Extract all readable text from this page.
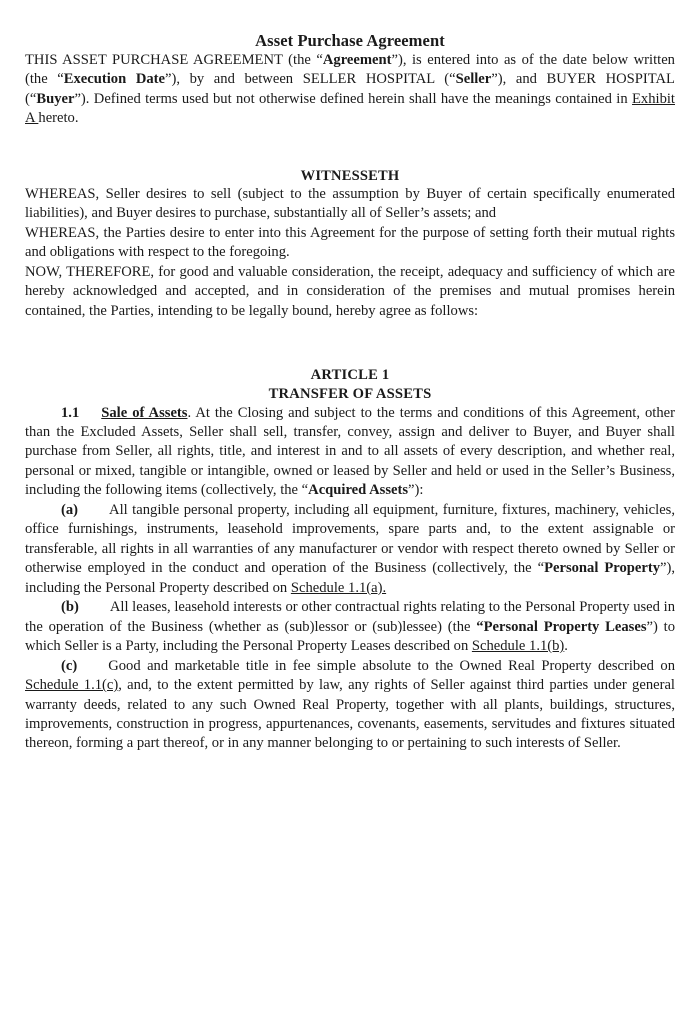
Asset Purchase Agreement

THIS ASSET PURCHASE AGREEMENT (the “Agreement”), is entered into as of the date below written (the “Execution Date”), by and between SELLER HOSPITAL (“Seller”), and BUYER HOSPITAL (“Buyer”). Defined terms used but not otherwise defined herein shall have the meanings contained in Exhibit A hereto.

WITNESSETH

WHEREAS, Seller desires to sell (subject to the assumption by Buyer of certain specifically enumerated liabilities), and Buyer desires to purchase, substantially all of Seller’s assets; and

WHEREAS, the Parties desire to enter into this Agreement for the purpose of setting forth their mutual rights and obligations with respect to the foregoing.

NOW, THEREFORE, for good and valuable consideration, the receipt, adequacy and sufficiency of which are hereby acknowledged and accepted, and in consideration of the premises and mutual promises herein contained, the Parties, intending to be legally bound, hereby agree as follows:

ARTICLE 1
TRANSFER OF ASSETS

1.1 Sale of Assets. At the Closing and subject to the terms and conditions of this Agreement, other than the Excluded Assets, Seller shall sell, transfer, convey, assign and deliver to Buyer, and Buyer shall purchase from Seller, all rights, title, and interest in and to all assets of every description, and whether real, personal or mixed, tangible or intangible, owned or leased by Seller and held or used in the Seller’s Business, including the following items (collectively, the “Acquired Assets”):

(a) All tangible personal property, including all equipment, furniture, fixtures, machinery, vehicles, office furnishings, instruments, leasehold improvements, spare parts and, to the extent assignable or transferable, all rights in all warranties of any manufacturer or vendor with respect thereto owned by Seller or otherwise employed in the conduct and operation of the Business (collectively, the “Personal Property”), including the Personal Property described on Schedule 1.1(a).

(b) All leases, leasehold interests or other contractual rights relating to the Personal Property used in the operation of the Business (whether as (sub)lessor or (sub)lessee) (the “Personal Property Leases”) to which Seller is a Party, including the Personal Property Leases described on Schedule 1.1(b).

(c) Good and marketable title in fee simple absolute to the Owned Real Property described on Schedule 1.1(c), and, to the extent permitted by law, any rights of Seller against third parties under general warranty deeds, related to any such Owned Real Property, together with all plants, buildings, structures, improvements, construction in progress, appurtenances, covenants, easements, servitudes and fixtures situated thereon, forming a part thereof, or in any manner belonging to or pertaining to such interests of Seller.
